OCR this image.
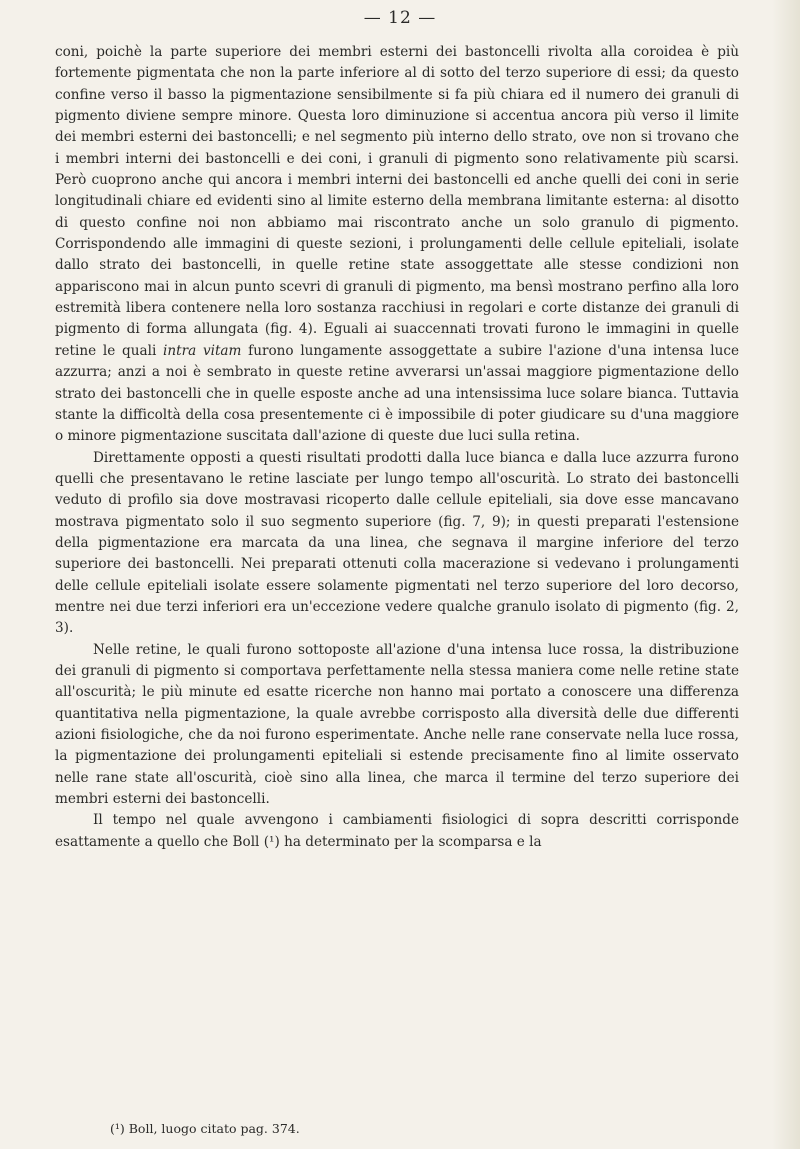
— 12 —

coni, poichè la parte superiore dei membri esterni dei bastoncelli rivolta alla coroidea è più fortemente pigmentata che non la parte inferiore al di sotto del terzo superiore di essi; da questo confine verso il basso la pigmentazione sensibilmente si fa più chiara ed il numero dei granuli di pigmento diviene sempre minore. Questa loro diminuzione si accentua ancora più verso il limite dei membri esterni dei bastoncelli; e nel segmento più interno dello strato, ove non si trovano che i membri interni dei bastoncelli e dei coni, i granuli di pigmento sono relativamente più scarsi. Però cuoprono anche qui ancora i membri interni dei bastoncelli ed anche quelli dei coni in serie longitudinali chiare ed evidenti sino al limite esterno della membrana limitante esterna: al disotto di questo confine noi non abbiamo mai riscontrato anche un solo granulo di pigmento. Corrispondendo alle immagini di queste sezioni, i prolungamenti delle cellule epiteliali, isolate dallo strato dei bastoncelli, in quelle retine state assoggettate alle stesse condizioni non appariscono mai in alcun punto scevri di granuli di pigmento, ma bensì mostrano perfino alla loro estremità libera contenere nella loro sostanza racchiusi in regolari e corte distanze dei granuli di pigmento di forma allungata (fig. 4). Eguali ai suaccennati trovati furono le immagini in quelle retine le quali intra vitam furono lungamente assoggettate a subire l'azione d'una intensa luce azzurra; anzi a noi è sembrato in queste retine avverarsi un'assai maggiore pigmentazione dello strato dei bastoncelli che in quelle esposte anche ad una intensissima luce solare bianca. Tuttavia stante la difficoltà della cosa presentemente ci è impossibile di poter giudicare su d'una maggiore o minore pigmentazione suscitata dall'azione di queste due luci sulla retina.

Direttamente opposti a questi risultati prodotti dalla luce bianca e dalla luce azzurra furono quelli che presentavano le retine lasciate per lungo tempo all'oscurità. Lo strato dei bastoncelli veduto di profilo sia dove mostravasi ricoperto dalle cellule epiteliali, sia dove esse mancavano mostrava pigmentato solo il suo segmento superiore (fig. 7, 9); in questi preparati l'estensione della pigmentazione era marcata da una linea, che segnava il margine inferiore del terzo superiore dei bastoncelli. Nei preparati ottenuti colla macerazione si vedevano i prolungamenti delle cellule epiteliali isolate essere solamente pigmentati nel terzo superiore del loro decorso, mentre nei due terzi inferiori era un'eccezione vedere qualche granulo isolato di pigmento (fig. 2, 3).

Nelle retine, le quali furono sottoposte all'azione d'una intensa luce rossa, la distribuzione dei granuli di pigmento si comportava perfettamente nella stessa maniera come nelle retine state all'oscurità; le più minute ed esatte ricerche non hanno mai portato a conoscere una differenza quantitativa nella pigmentazione, la quale avrebbe corrisposto alla diversità delle due differenti azioni fisiologiche, che da noi furono esperimentate. Anche nelle rane conservate nella luce rossa, la pigmentazione dei prolungamenti epiteliali si estende precisamente fino al limite osservato nelle rane state all'oscurità, cioè sino alla linea, che marca il termine del terzo superiore dei membri esterni dei bastoncelli.

Il tempo nel quale avvengono i cambiamenti fisiologici di sopra descritti corrisponde esattamente a quello che Boll (¹) ha determinato per la scomparsa e la

(¹) Boll, luogo citato pag. 374.
